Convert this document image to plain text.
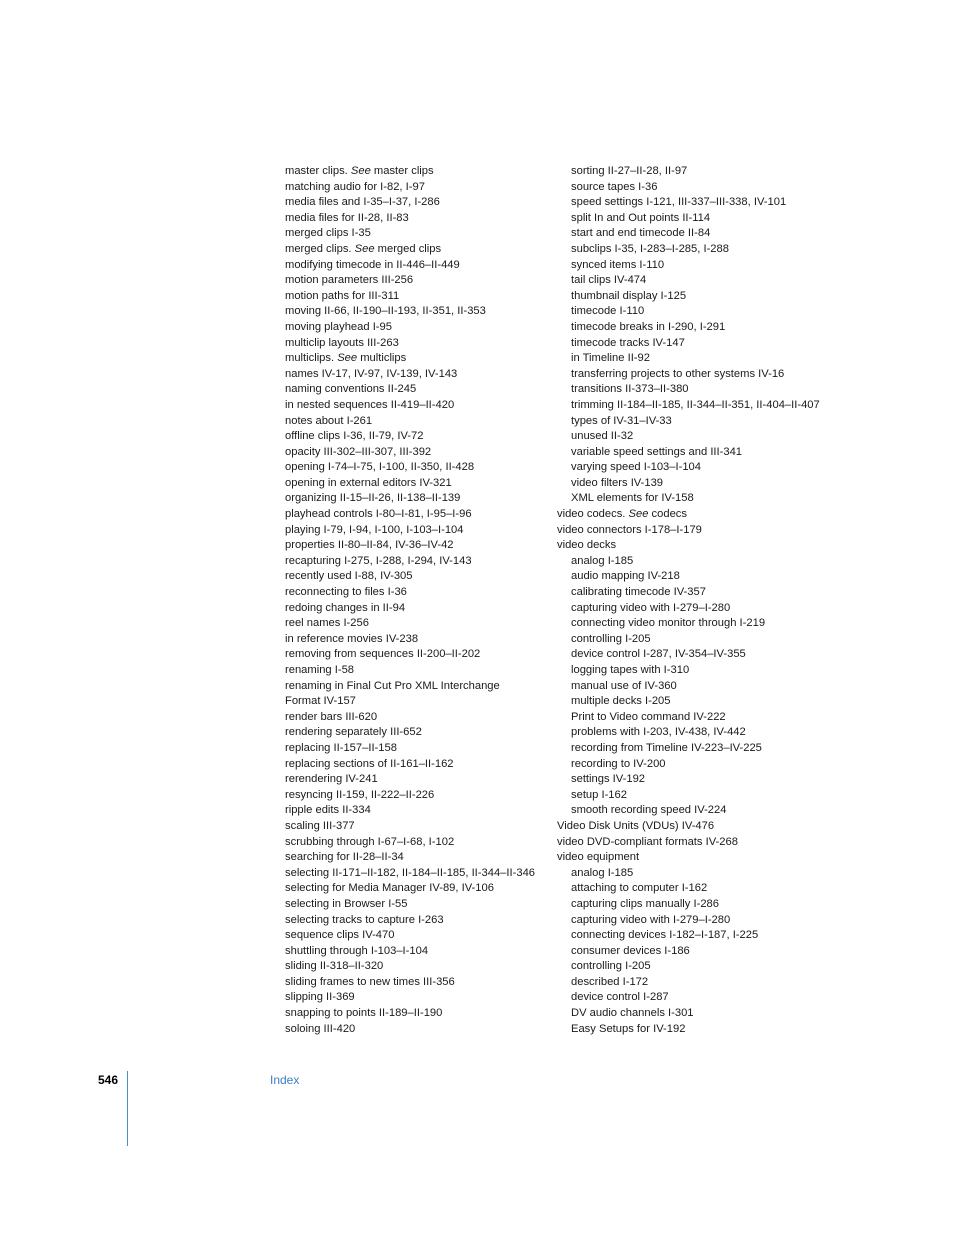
master clips. See master clips
matching audio for I-82, I-97
media files and I-35–I-37, I-286
media files for II-28, II-83
merged clips I-35
merged clips. See merged clips
modifying timecode in II-446–II-449
motion parameters III-256
motion paths for III-311
moving II-66, II-190–II-193, II-351, II-353
moving playhead I-95
multiclip layouts III-263
multiclips. See multiclips
names IV-17, IV-97, IV-139, IV-143
naming conventions II-245
in nested sequences II-419–II-420
notes about I-261
offline clips I-36, II-79, IV-72
opacity III-302–III-307, III-392
opening I-74–I-75, I-100, II-350, II-428
opening in external editors IV-321
organizing II-15–II-26, II-138–II-139
playhead controls I-80–I-81, I-95–I-96
playing I-79, I-94, I-100, I-103–I-104
properties II-80–II-84, IV-36–IV-42
recapturing I-275, I-288, I-294, IV-143
recently used I-88, IV-305
reconnecting to files I-36
redoing changes in II-94
reel names I-256
in reference movies IV-238
removing from sequences II-200–II-202
renaming I-58
renaming in Final Cut Pro XML Interchange
Format IV-157
render bars III-620
rendering separately III-652
replacing II-157–II-158
replacing sections of II-161–II-162
rerendering IV-241
resyncing II-159, II-222–II-226
ripple edits II-334
scaling III-377
scrubbing through I-67–I-68, I-102
searching for II-28–II-34
selecting II-171–II-182, II-184–II-185, II-344–II-346
selecting for Media Manager IV-89, IV-106
selecting in Browser I-55
selecting tracks to capture I-263
sequence clips IV-470
shuttling through I-103–I-104
sliding II-318–II-320
sliding frames to new times III-356
slipping II-369
snapping to points II-189–II-190
soloing III-420
sorting II-27–II-28, II-97
source tapes I-36
speed settings I-121, III-337–III-338, IV-101
split In and Out points II-114
start and end timecode II-84
subclips I-35, I-283–I-285, I-288
synced items I-110
tail clips IV-474
thumbnail display I-125
timecode I-110
timecode breaks in I-290, I-291
timecode tracks IV-147
in Timeline II-92
transferring projects to other systems IV-16
transitions II-373–II-380
trimming II-184–II-185, II-344–II-351, II-404–II-407
types of IV-31–IV-33
unused II-32
variable speed settings and III-341
varying speed I-103–I-104
video filters IV-139
XML elements for IV-158
video codecs. See codecs
video connectors I-178–I-179
video decks
analog I-185
audio mapping IV-218
calibrating timecode IV-357
capturing video with I-279–I-280
connecting video monitor through I-219
controlling I-205
device control I-287, IV-354–IV-355
logging tapes with I-310
manual use of IV-360
multiple decks I-205
Print to Video command IV-222
problems with I-203, IV-438, IV-442
recording from Timeline IV-223–IV-225
recording to IV-200
settings IV-192
setup I-162
smooth recording speed IV-224
Video Disk Units (VDUs) IV-476
video DVD-compliant formats IV-268
video equipment
analog I-185
attaching to computer I-162
capturing clips manually I-286
capturing video with I-279–I-280
connecting devices I-182–I-187, I-225
consumer devices I-186
controlling I-205
described I-172
device control I-287
DV audio channels I-301
Easy Setups for IV-192
546	Index
